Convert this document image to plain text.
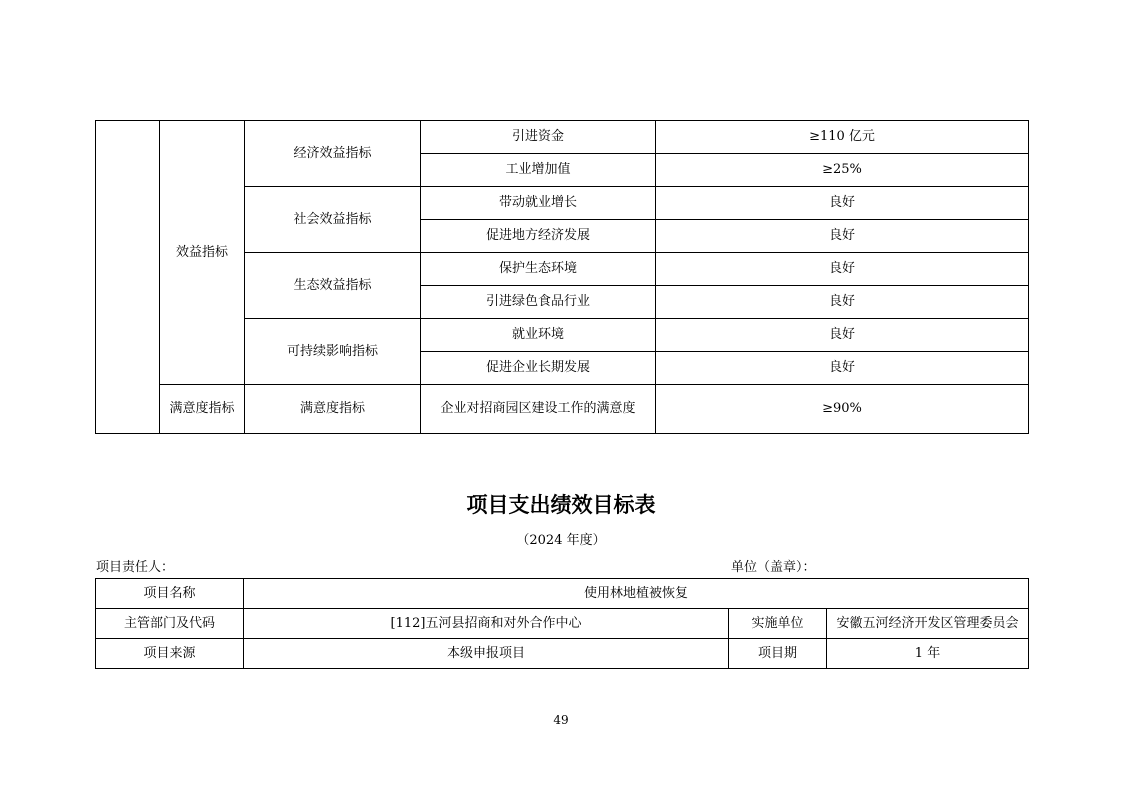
	效益指标	经济效益指标	引进资金	≥110 亿元
			工业增加值	≥25%
		社会效益指标	带动就业增长	良好
			促进地方经济发展	良好
		生态效益指标	保护生态环境	良好
			引进绿色食品行业	良好
		可持续影响指标	就业环境	良好
			促进企业长期发展	良好
	满意度指标	满意度指标	企业对招商园区建设工作的满意度	≥90%
项目支出绩效目标表
（2024 年度）
项目责任人：	单位（盖章）：
项目名称	使用林地植被恢复		
主管部门及代码	[112]五河县招商和对外合作中心	实施单位	安徽五河经济开发区管理委员会
项目来源	本级申报项目	项目期	1 年
49
